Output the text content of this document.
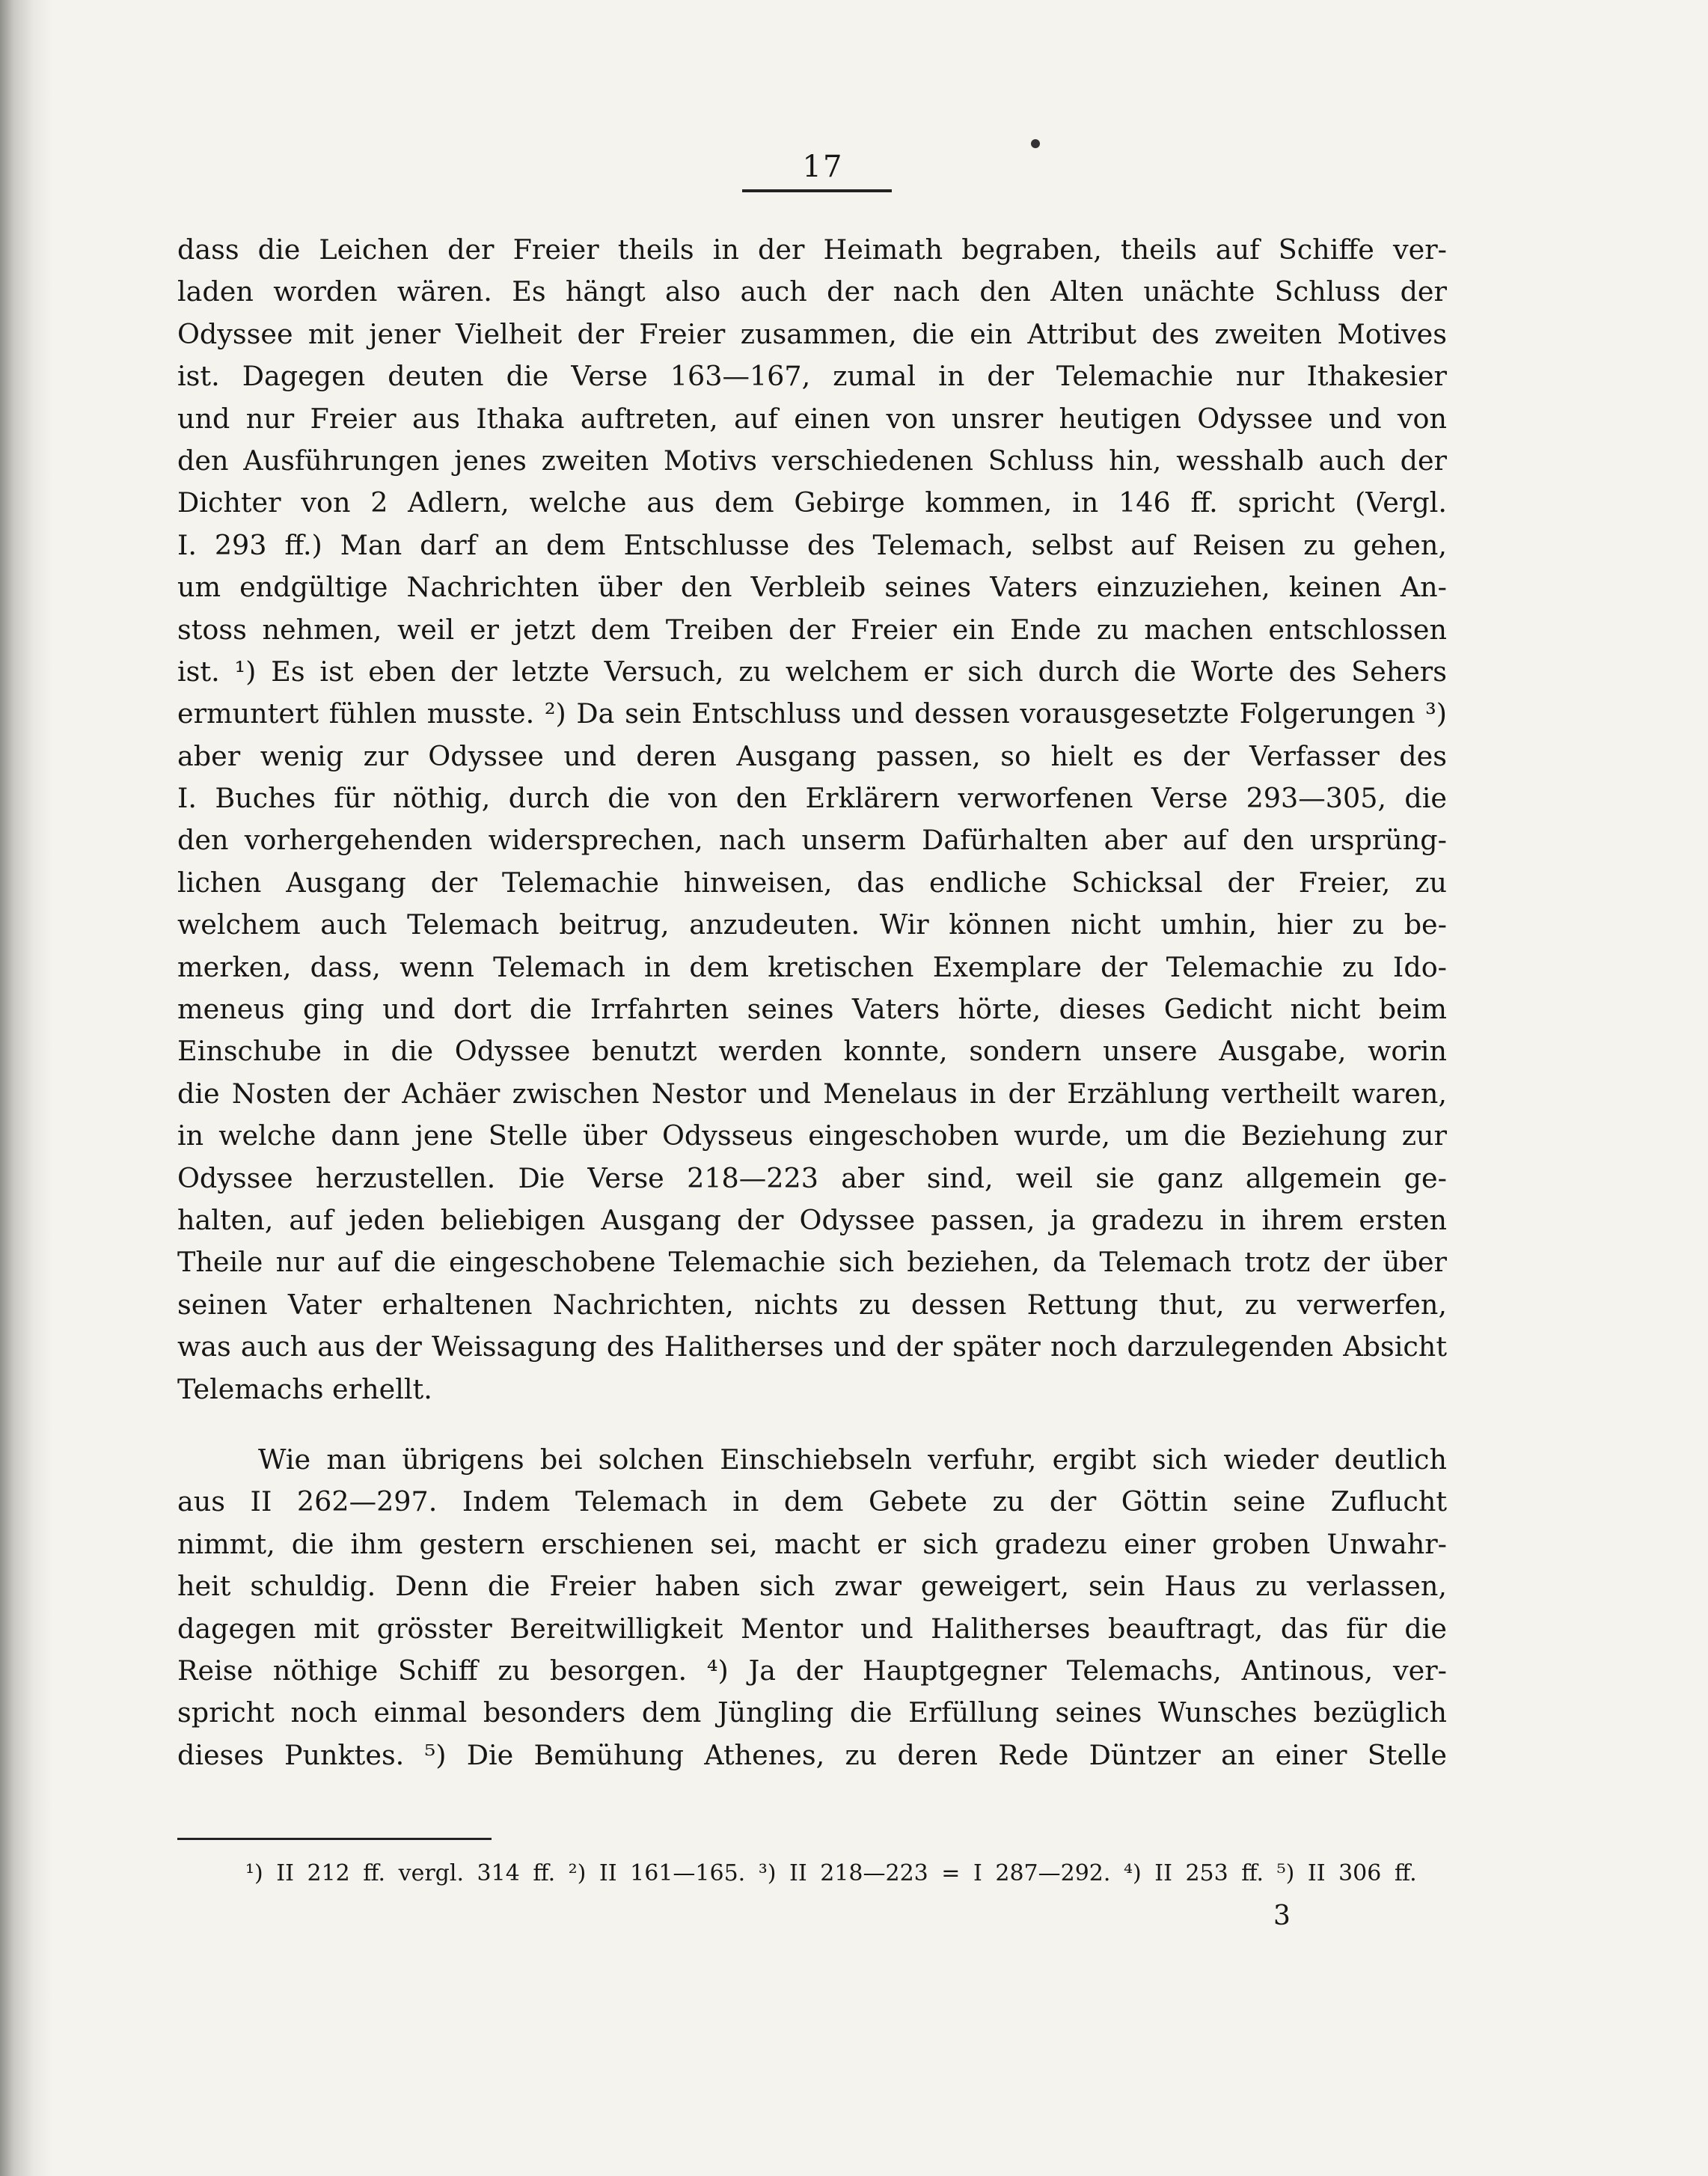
17
dass die Leichen der Freier theils in der Heimath begraben, theils auf Schiffe ver-
laden worden wären. Es hängt also auch der nach den Alten unächte Schluss der
Odyssee mit jener Vielheit der Freier zusammen, die ein Attribut des zweiten Motives
ist. Dagegen deuten die Verse 163—167, zumal in der Telemachie nur Ithakesier
und nur Freier aus Ithaka auftreten, auf einen von unsrer heutigen Odyssee und von
den Ausführungen jenes zweiten Motivs verschiedenen Schluss hin, wesshalb auch der
Dichter von 2 Adlern, welche aus dem Gebirge kommen, in 146 ff. spricht (Vergl.
I. 293 ff.) Man darf an dem Entschlusse des Telemach, selbst auf Reisen zu gehen,
um endgültige Nachrichten über den Verbleib seines Vaters einzuziehen, keinen An-
stoss nehmen, weil er jetzt dem Treiben der Freier ein Ende zu machen entschlossen
ist. ¹) Es ist eben der letzte Versuch, zu welchem er sich durch die Worte des Sehers
ermuntert fühlen musste. ²) Da sein Entschluss und dessen vorausgesetzte Folgerungen ³)
aber wenig zur Odyssee und deren Ausgang passen, so hielt es der Verfasser des
I. Buches für nöthig, durch die von den Erklärern verworfenen Verse 293—305, die
den vorhergehenden widersprechen, nach unserm Dafürhalten aber auf den ursprüng-
lichen Ausgang der Telemachie hinweisen, das endliche Schicksal der Freier, zu
welchem auch Telemach beitrug, anzudeuten. Wir können nicht umhin, hier zu be-
merken, dass, wenn Telemach in dem kretischen Exemplare der Telemachie zu Ido-
meneus ging und dort die Irrfahrten seines Vaters hörte, dieses Gedicht nicht beim
Einschube in die Odyssee benutzt werden konnte, sondern unsere Ausgabe, worin
die Nosten der Achäer zwischen Nestor und Menelaus in der Erzählung vertheilt waren,
in welche dann jene Stelle über Odysseus eingeschoben wurde, um die Beziehung zur
Odyssee herzustellen. Die Verse 218—223 aber sind, weil sie ganz allgemein ge-
halten, auf jeden beliebigen Ausgang der Odyssee passen, ja gradezu in ihrem ersten
Theile nur auf die eingeschobene Telemachie sich beziehen, da Telemach trotz der über
seinen Vater erhaltenen Nachrichten, nichts zu dessen Rettung thut, zu verwerfen,
was auch aus der Weissagung des Halitherses und der später noch darzulegenden Absicht
Telemachs erhellt.
Wie man übrigens bei solchen Einschiebseln verfuhr, ergibt sich wieder deutlich
aus II 262—297. Indem Telemach in dem Gebete zu der Göttin seine Zuflucht
nimmt, die ihm gestern erschienen sei, macht er sich gradezu einer groben Unwahr-
heit schuldig. Denn die Freier haben sich zwar geweigert, sein Haus zu verlassen,
dagegen mit grösster Bereitwilligkeit Mentor und Halitherses beauftragt, das für die
Reise nöthige Schiff zu besorgen. ⁴) Ja der Hauptgegner Telemachs, Antinous, ver-
spricht noch einmal besonders dem Jüngling die Erfüllung seines Wunsches bezüglich
dieses Punktes. ⁵) Die Bemühung Athenes, zu deren Rede Düntzer an einer Stelle
¹) II 212 ff. vergl. 314 ff. ²) II 161—165. ³) II 218—223 = I 287—292. ⁴) II 253 ff. ⁵) II 306 ff.
3
